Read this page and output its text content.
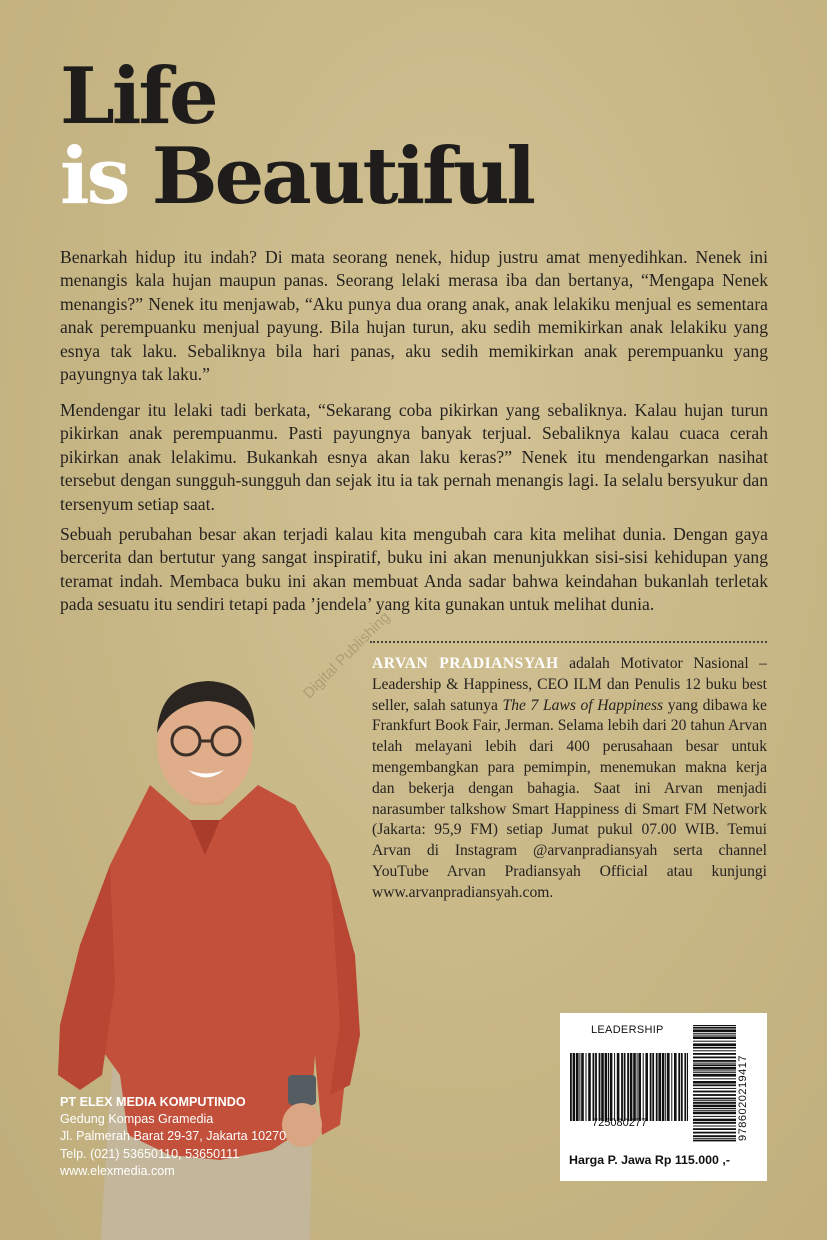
Life
is Beautiful

Benarkah hidup itu indah? Di mata seorang nenek, hidup justru amat menyedihkan. Nenek ini menangis kala hujan maupun panas. Seorang lelaki merasa iba dan bertanya, “Mengapa Nenek menangis?” Nenek itu menjawab, “Aku punya dua orang anak, anak lelakiku menjual es sementara anak perempuanku menjual payung. Bila hujan turun, aku sedih memikirkan anak lelakiku yang esnya tak laku. Sebaliknya bila hari panas, aku sedih memikirkan anak perempuanku yang payungnya tak laku.”

Mendengar itu lelaki tadi berkata, “Sekarang coba pikirkan yang sebaliknya. Kalau hujan turun pikirkan anak perempuanmu. Pasti payungnya banyak terjual. Sebaliknya kalau cuaca cerah pikirkan anak lelakimu. Bukankah esnya akan laku keras?” Nenek itu mendengarkan nasihat tersebut dengan sungguh-sungguh dan sejak itu ia tak pernah menangis lagi. Ia selalu bersyukur dan tersenyum setiap saat.

Sebuah perubahan besar akan terjadi kalau kita mengubah cara kita melihat dunia. Dengan gaya bercerita dan bertutur yang sangat inspiratif, buku ini akan menunjukkan sisi-sisi kehidupan yang teramat indah. Membaca buku ini akan membuat Anda sadar bahwa keindahan bukanlah terletak pada sesuatu itu sendiri tetapi pada ’jendela’ yang kita gunakan untuk melihat dunia.

Digital Publishing

ARVAN PRADIANSYAH adalah Motivator Nasional – Leadership & Happiness, CEO ILM dan Penulis 12 buku best seller, salah satunya The 7 Laws of Happiness yang dibawa ke Frankfurt Book Fair, Jerman. Selama lebih dari 20 tahun Arvan telah melayani lebih dari 400 perusahaan besar untuk mengembangkan para pemimpin, menemukan makna kerja dan bekerja dengan bahagia. Saat ini Arvan menjadi narasumber talkshow Smart Happiness di Smart FM Network (Jakarta: 95,9 FM) setiap Jumat pukul 07.00 WIB. Temui Arvan di Instagram @arvanpradiansyah serta channel YouTube Arvan Pradiansyah Official atau kunjungi www.arvanpradiansyah.com.

PT ELEX MEDIA KOMPUTINDO
Gedung Kompas Gramedia
Jl. Palmerah Barat 29-37, Jakarta 10270
Telp. (021) 53650110, 53650111
www.elexmedia.com
LEADERSHIP
725080277	9786020219417
Harga P. Jawa Rp 115.000 ,-
